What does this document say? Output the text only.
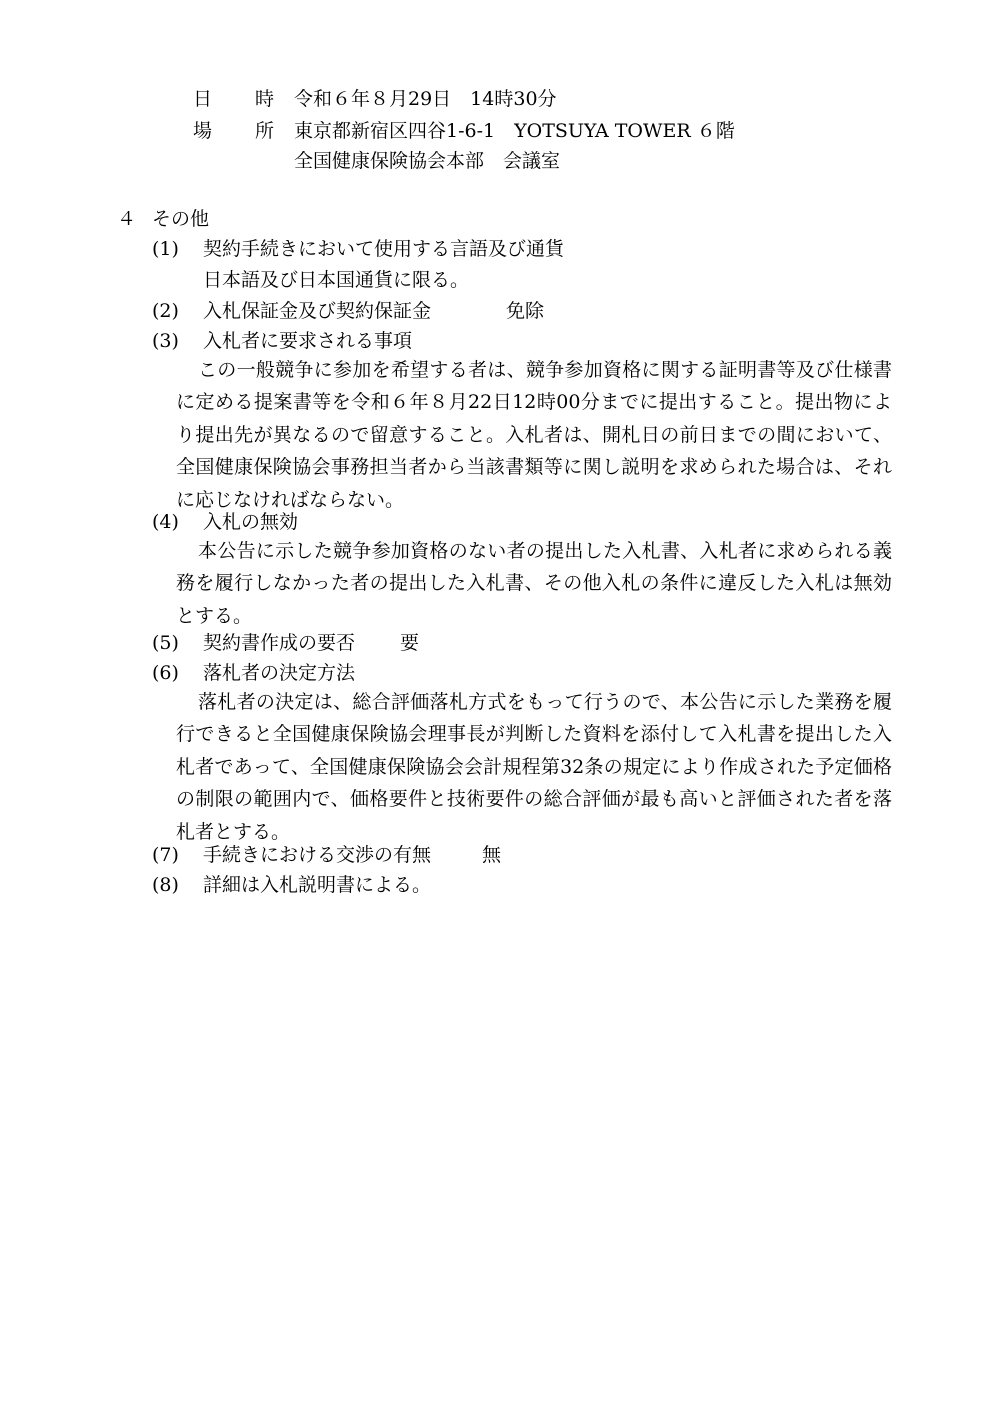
日 時 令和６年８月29日　14時30分
場 所 東京都新宿区四谷1-6-1　YOTSUYA TOWER ６階
全国健康保険協会本部　会議室
４ その他
(1) 契約手続きにおいて使用する言語及び通貨
日本語及び日本国通貨に限る。
(2) 入札保証金及び契約保証金	免除
(3) 入札者に要求される事項
この一般競争に参加を希望する者は、競争参加資格に関する証明書等及び仕様書に定める提案書等を令和６年８月22日12時00分までに提出すること。提出物により提出先が異なるので留意すること。入札者は、開札日の前日までの間において、全国健康保険協会事務担当者から当該書類等に関し説明を求められた場合は、それに応じなければならない。
(4) 入札の無効
本公告に示した競争参加資格のない者の提出した入札書、入札者に求められる義務を履行しなかった者の提出した入札書、その他入札の条件に違反した入札は無効とする。
(5) 契約書作成の要否 要
(6) 落札者の決定方法
落札者の決定は、総合評価落札方式をもって行うので、本公告に示した業務を履行できると全国健康保険協会理事長が判断した資料を添付して入札書を提出した入札者であって、全国健康保険協会会計規程第32条の規定により作成された予定価格の制限の範囲内で、価格要件と技術要件の総合評価が最も高いと評価された者を落札者とする。
(7) 手続きにおける交渉の有無	無
(8) 詳細は入札説明書による。
